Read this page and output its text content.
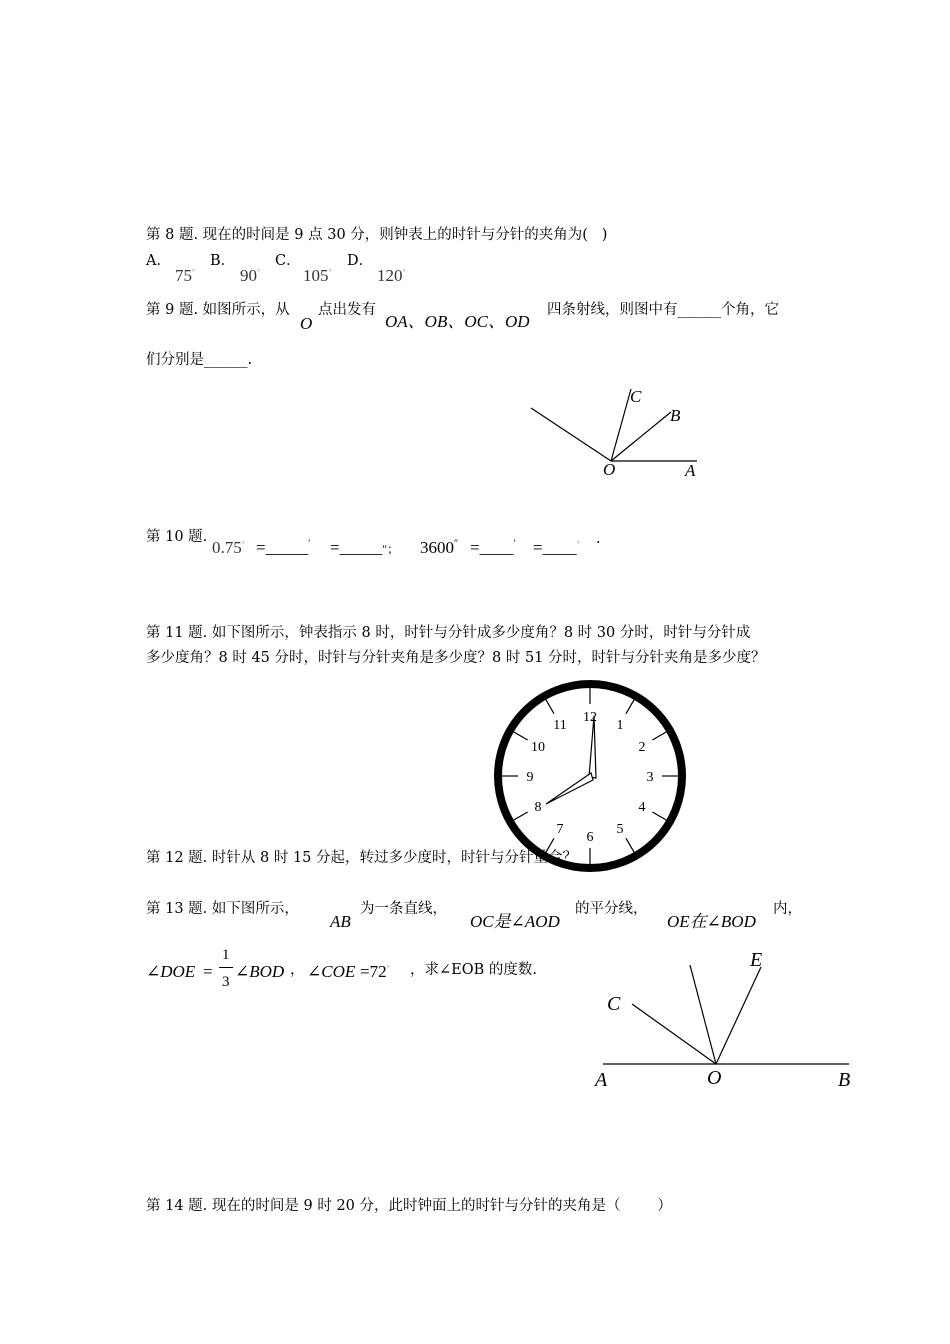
第 8 题. 现在的时间是 9 点 30 分，则钟表上的时针与分针的夹角为(   )
A．
75°
B．
90°
C．
105°
D．
120°
第 9 题. 如图所示，从
O
点出发有
OA、OB、OC、OD
四条射线，则图中有______个角，它
们分别是______.
C
B
O	A
第 10 题.
0.75° =_____′ =_____″； 3600″ =____′ =____° .
第 11 题. 如下图所示，钟表指示 8 时，时针与分针成多少度角？8 时 30 分时，时针与分针成
多少度角？8 时 45 分时，时针与分针夹角是多少度？8 时 51 分时，时针与分针夹角是多少度？
第 12 题. 时针从 8 时 15 分起，转过多少度时，时针与分针重合？
12
1
2
3
4
5
6
7
8
9
10
11
第 13 题. 如下图所示，
AB
为一条直线，
OC是∠AOD
的平分线，
OE在∠BOD
内，
∠DOE =
1
3
∠BOD ， ∠COE =72° ，求∠EOB 的度数.
C
E
A	O	B
第 14 题. 现在的时间是 9 时 20 分，此时钟面上的时针与分针的夹角是（        ）
